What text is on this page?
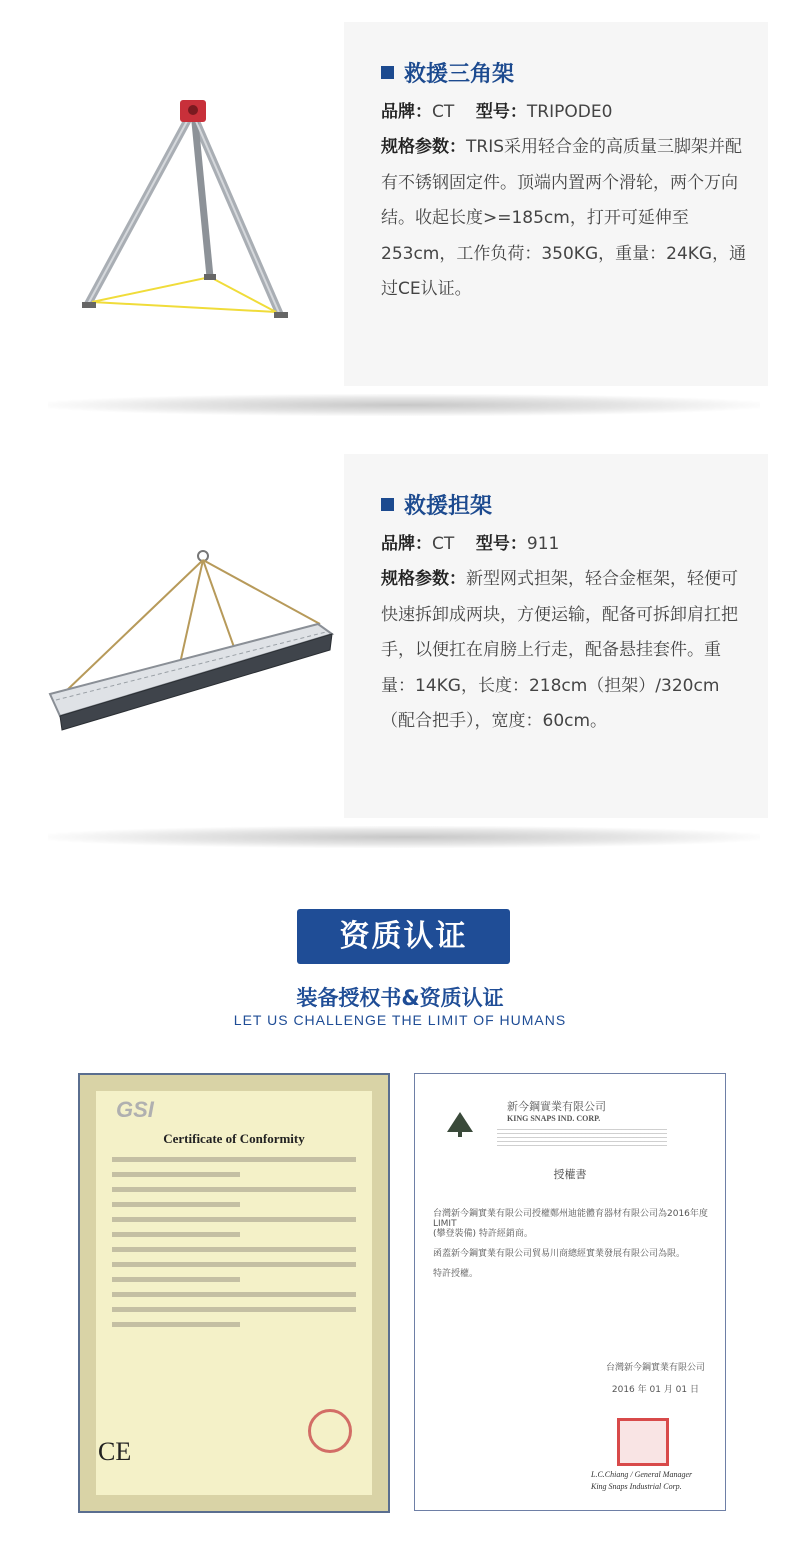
救援三角架
品牌：CT 型号：TRIPODE0
规格参数：TRIS采用轻合金的高质量三脚架并配有不锈钢固定件。顶端内置两个滑轮，两个万向结。收起长度>=185cm，打开可延伸至253cm，工作负荷：350KG，重量：24KG，通过CE认证。
救援担架
品牌：CT 型号：911
规格参数：新型网式担架，轻合金框架，轻便可快速拆卸成两块，方便运输，配备可拆卸肩扛把手，以便扛在肩膀上行走，配备悬挂套件。重量：14KG，长度：218cm（担架）/320cm（配合把手），宽度：60cm。
资质认证
装备授权书&资质认证
LET US CHALLENGE THE LIMIT OF HUMANS
GSI
Certificate of Conformity
CE
新今鋼實業有限公司
KING SNAPS IND. CORP.
授權書
台灣新今鋼實業有限公司授權鄭州迪能體育器材有限公司為2016年度 LIMIT
(攀登裝備) 特許經銷商。
函蓋新今鋼實業有限公司貿易川商總經實業發展有限公司為限。
特許授權。
台灣新今鋼實業有限公司
2016 年 01 月 01 日
L.C.Chiang / General Manager
King Snaps Industrial Corp.
